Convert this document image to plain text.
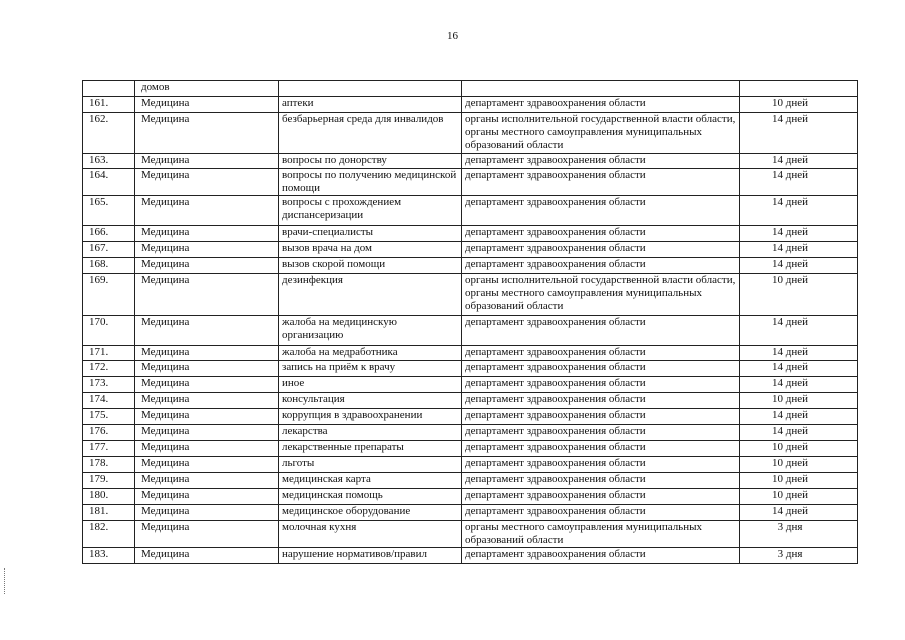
16
	домов			
161.	Медицина	аптеки	департамент здравоохранения области	10 дней
162.	Медицина	безбарьерная среда для инвалидов	органы исполнительной государственной власти области, органы местного самоуправления муниципальных образований области	14 дней
163.	Медицина	вопросы по донорству	департамент здравоохранения области	14 дней
164.	Медицина	вопросы по получению медицинской помощи	департамент здравоохранения области	14 дней
165.	Медицина	вопросы с прохождением диспансеризации	департамент здравоохранения области	14 дней
166.	Медицина	врачи-специалисты	департамент здравоохранения области	14 дней
167.	Медицина	вызов врача на дом	департамент здравоохранения области	14 дней
168.	Медицина	вызов скорой помощи	департамент здравоохранения области	14 дней
169.	Медицина	дезинфекция	органы исполнительной государственной власти области, органы местного самоуправления муниципальных образований области	10 дней
170.	Медицина	жалоба на медицинскую организацию	департамент здравоохранения области	14 дней
171.	Медицина	жалоба на медработника	департамент здравоохранения области	14 дней
172.	Медицина	запись на приём к врачу	департамент здравоохранения области	14 дней
173.	Медицина	иное	департамент здравоохранения области	14 дней
174.	Медицина	консультация	департамент здравоохранения области	10 дней
175.	Медицина	коррупция в здравоохранении	департамент здравоохранения области	14 дней
176.	Медицина	лекарства	департамент здравоохранения области	14 дней
177.	Медицина	лекарственные препараты	департамент здравоохранения области	10 дней
178.	Медицина	льготы	департамент здравоохранения области	10 дней
179.	Медицина	медицинская карта	департамент здравоохранения области	10 дней
180.	Медицина	медицинская помощь	департамент здравоохранения области	10 дней
181.	Медицина	медицинское оборудование	департамент здравоохранения области	14 дней
182.	Медицина	молочная кухня	органы местного самоуправления муниципальных образований области	3 дня
183.	Медицина	нарушение нормативов/правил	департамент здравоохранения области	3 дня
